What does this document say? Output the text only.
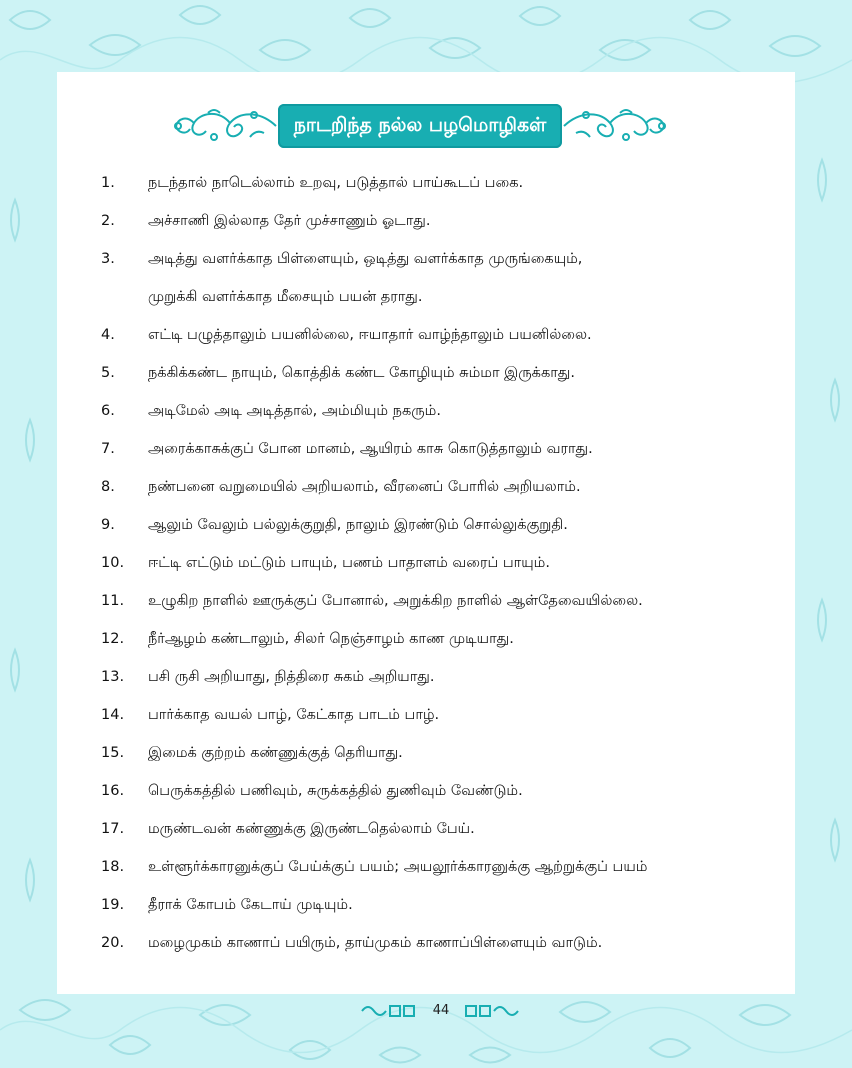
நாடறிந்த நல்ல பழமொழிகள்
1.	நடந்தால் நாடெல்லாம் உறவு, படுத்தால் பாய்கூடப் பகை.
2.	அச்சாணி இல்லாத தேர் முச்சாணும் ஓடாது.
3.	அடித்து வளர்க்காத பிள்ளையும், ஒடித்து வளர்க்காத முருங்கையும்,
முறுக்கி வளர்க்காத மீசையும் பயன் தராது.
4.	எட்டி பழுத்தாலும் பயனில்லை, ஈயாதார் வாழ்ந்தாலும் பயனில்லை.
5.	நக்கிக்கண்ட நாயும், கொத்திக் கண்ட கோழியும் சும்மா இருக்காது.
6.	அடிமேல் அடி அடித்தால், அம்மியும் நகரும்.
7.	அரைக்காசுக்குப் போன மானம், ஆயிரம் காசு கொடுத்தாலும் வராது.
8.	நண்பனை வறுமையில் அறியலாம், வீரனைப் போரில் அறியலாம்.
9.	ஆலும் வேலும் பல்லுக்குறுதி, நாலும் இரண்டும் சொல்லுக்குறுதி.
10.	ஈட்டி எட்டும் மட்டும் பாயும், பணம் பாதாளம் வரைப் பாயும்.
11.	உழுகிற நாளில் ஊருக்குப் போனால், அறுக்கிற நாளில் ஆள்தேவையில்லை.
12.	நீர்ஆழம் கண்டாலும், சிலர் நெஞ்சாழம் காண முடியாது.
13.	பசி ருசி அறியாது, நித்திரை சுகம் அறியாது.
14.	பார்க்காத வயல் பாழ், கேட்காத பாடம் பாழ்.
15.	இமைக் குற்றம் கண்ணுக்குத் தெரியாது.
16.	பெருக்கத்தில் பணிவும், சுருக்கத்தில் துணிவும் வேண்டும்.
17.	மருண்டவன் கண்ணுக்கு இருண்டதெல்லாம் பேய்.
18.	உள்ளூர்க்காரனுக்குப் பேய்க்குப் பயம்; அயலூர்க்காரனுக்கு ஆற்றுக்குப் பயம்
19.	தீராக் கோபம் கேடாய் முடியும்.
20.	மழைமுகம் காணாப் பயிரும், தாய்முகம் காணாப்பிள்ளையும் வாடும்.
44
